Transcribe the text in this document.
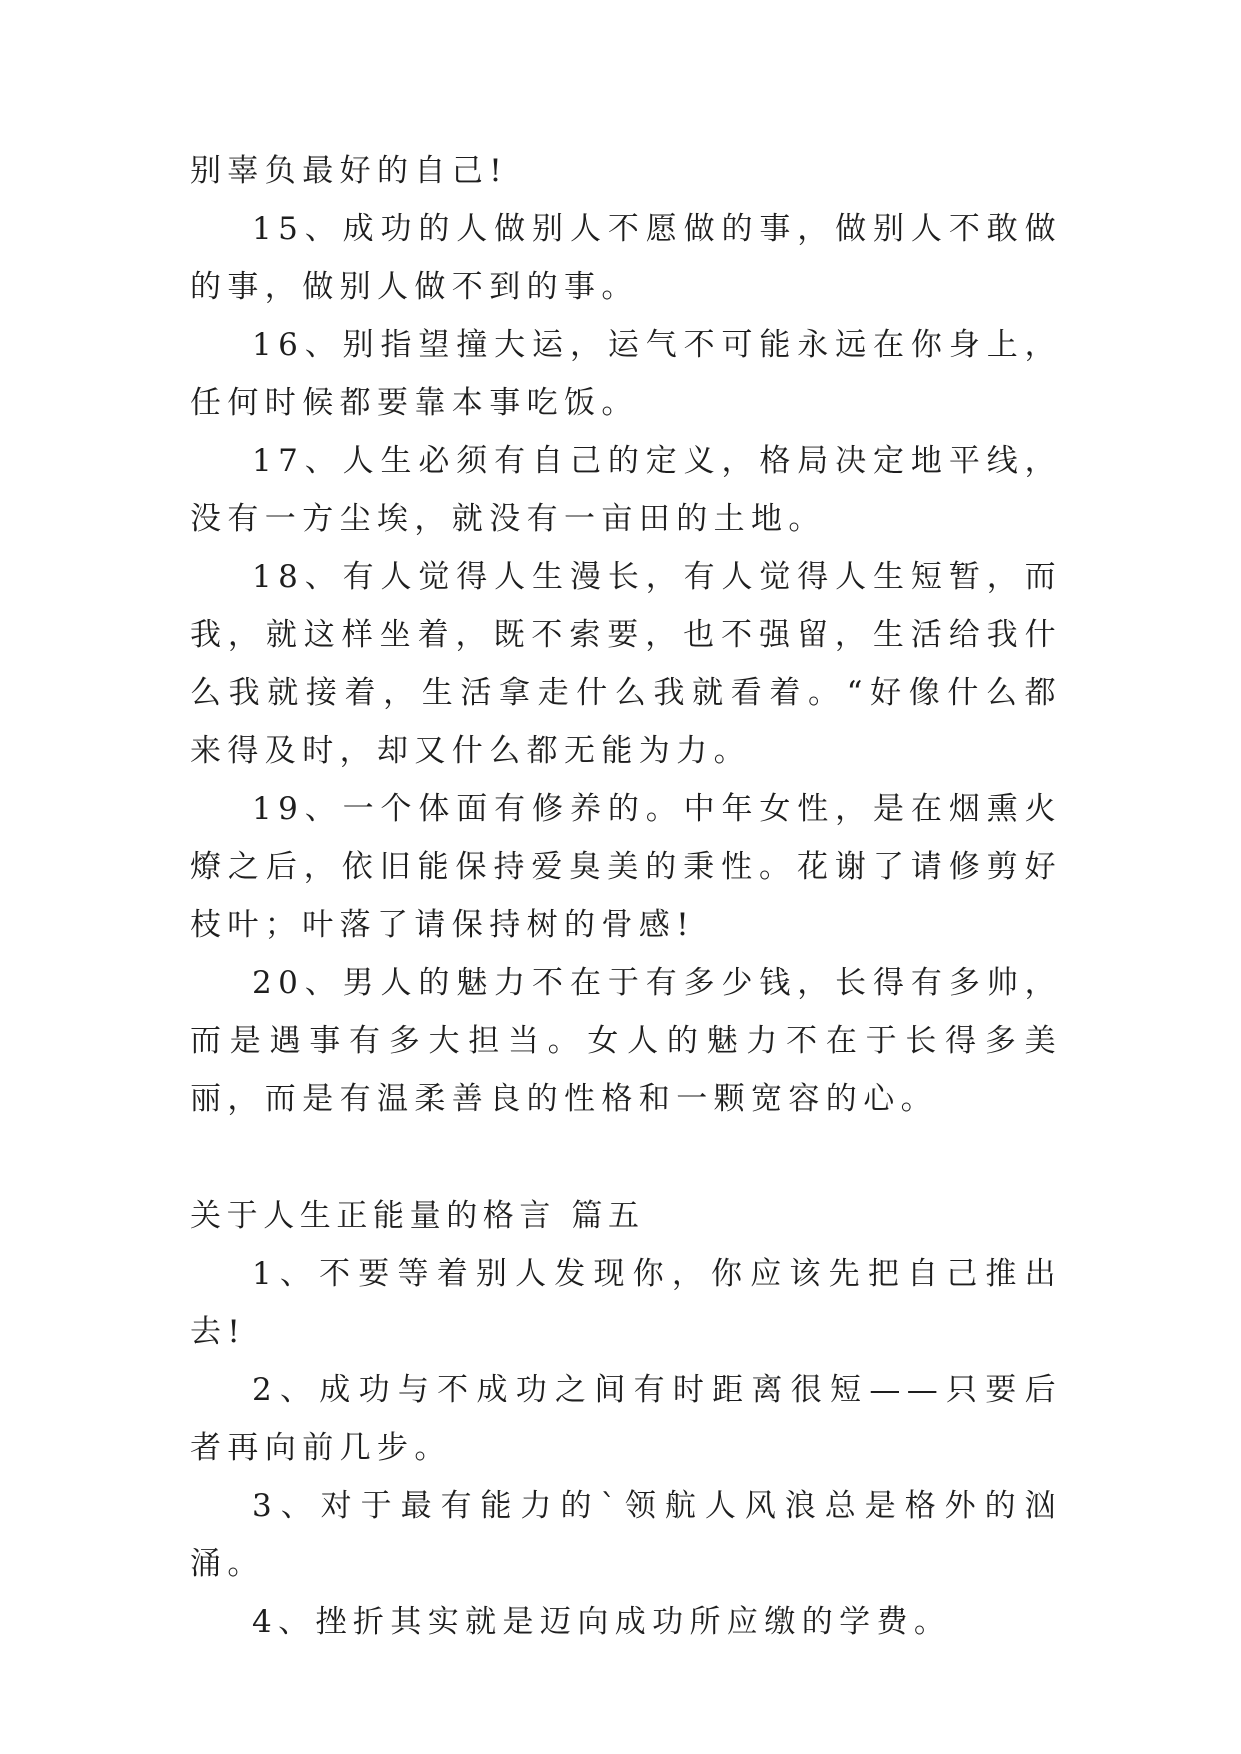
别辜负最好的自己!

15、成功的人做别人不愿做的事，做别人不敢做的事，做别人做不到的事。

16、别指望撞大运，运气不可能永远在你身上，任何时候都要靠本事吃饭。

17、人生必须有自己的定义，格局决定地平线，没有一方尘埃，就没有一亩田的土地。

18、有人觉得人生漫长，有人觉得人生短暂，而我，就这样坐着，既不索要，也不强留，生活给我什么我就接着，生活拿走什么我就看着。“好像什么都来得及时，却又什么都无能为力。

19、一个体面有修养的。中年女性，是在烟熏火燎之后，依旧能保持爱臭美的秉性。花谢了请修剪好枝叶；叶落了请保持树的骨感!

20、男人的魅力不在于有多少钱，长得有多帅，而是遇事有多大担当。女人的魅力不在于长得多美丽，而是有温柔善良的性格和一颗宽容的心。

关于人生正能量的格言 篇五

1、不要等着别人发现你，你应该先把自己推出去!

2、成功与不成功之间有时距离很短——只要后者再向前几步。

3、对于最有能力的`领航人风浪总是格外的汹涌。

4、挫折其实就是迈向成功所应缴的学费。
